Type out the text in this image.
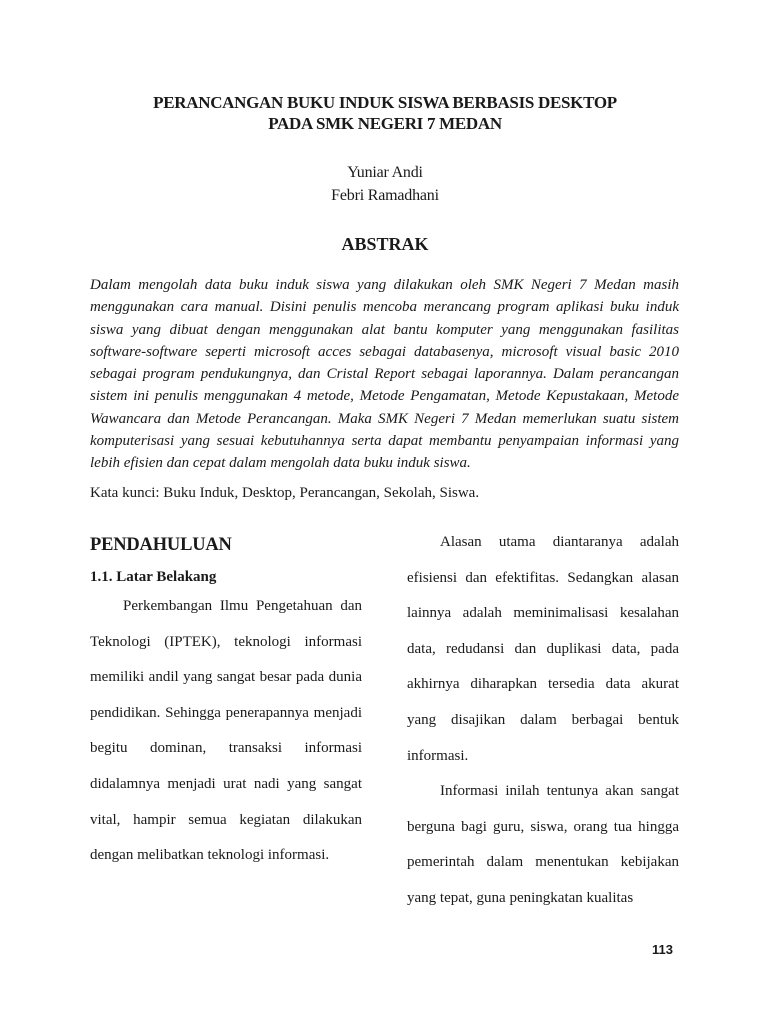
PERANCANGAN BUKU INDUK SISWA BERBASIS DESKTOP
PADA SMK NEGERI 7 MEDAN
Yuniar Andi
Febri Ramadhani
ABSTRAK

Dalam mengolah data buku induk siswa yang dilakukan oleh SMK Negeri 7 Medan masih menggunakan cara manual. Disini penulis mencoba merancang program aplikasi buku induk siswa yang dibuat dengan menggunakan alat bantu komputer yang menggunakan fasilitas software-software seperti microsoft acces sebagai databasenya, microsoft visual basic 2010 sebagai program pendukungnya, dan Cristal Report sebagai laporannya. Dalam perancangan sistem ini penulis menggunakan 4 metode, Metode Pengamatan, Metode Kepustakaan, Metode Wawancara dan Metode Perancangan. Maka SMK Negeri 7 Medan memerlukan suatu sistem komputerisasi yang sesuai kebutuhannya serta dapat membantu penyampaian informasi yang lebih efisien dan cepat dalam mengolah data buku induk siswa.

Kata kunci: Buku Induk, Desktop, Perancangan, Sekolah, Siswa.

PENDAHULUAN
1.1. Latar Belakang

Perkembangan Ilmu Pengetahuan dan Teknologi (IPTEK), teknologi informasi memiliki andil yang sangat besar pada dunia pendidikan. Sehingga penerapannya menjadi begitu dominan, transaksi informasi didalamnya menjadi urat nadi yang sangat vital, hampir semua kegiatan dilakukan dengan melibatkan teknologi informasi.

Alasan utama diantaranya adalah efisiensi dan efektifitas. Sedangkan alasan lainnya adalah meminimalisasi kesalahan data, redudansi dan duplikasi data, pada akhirnya diharapkan tersedia data akurat yang disajikan dalam berbagai bentuk informasi.

Informasi inilah tentunya akan sangat berguna bagi guru, siswa, orang tua hingga pemerintah dalam menentukan kebijakan yang tepat, guna peningkatan kualitas

113
